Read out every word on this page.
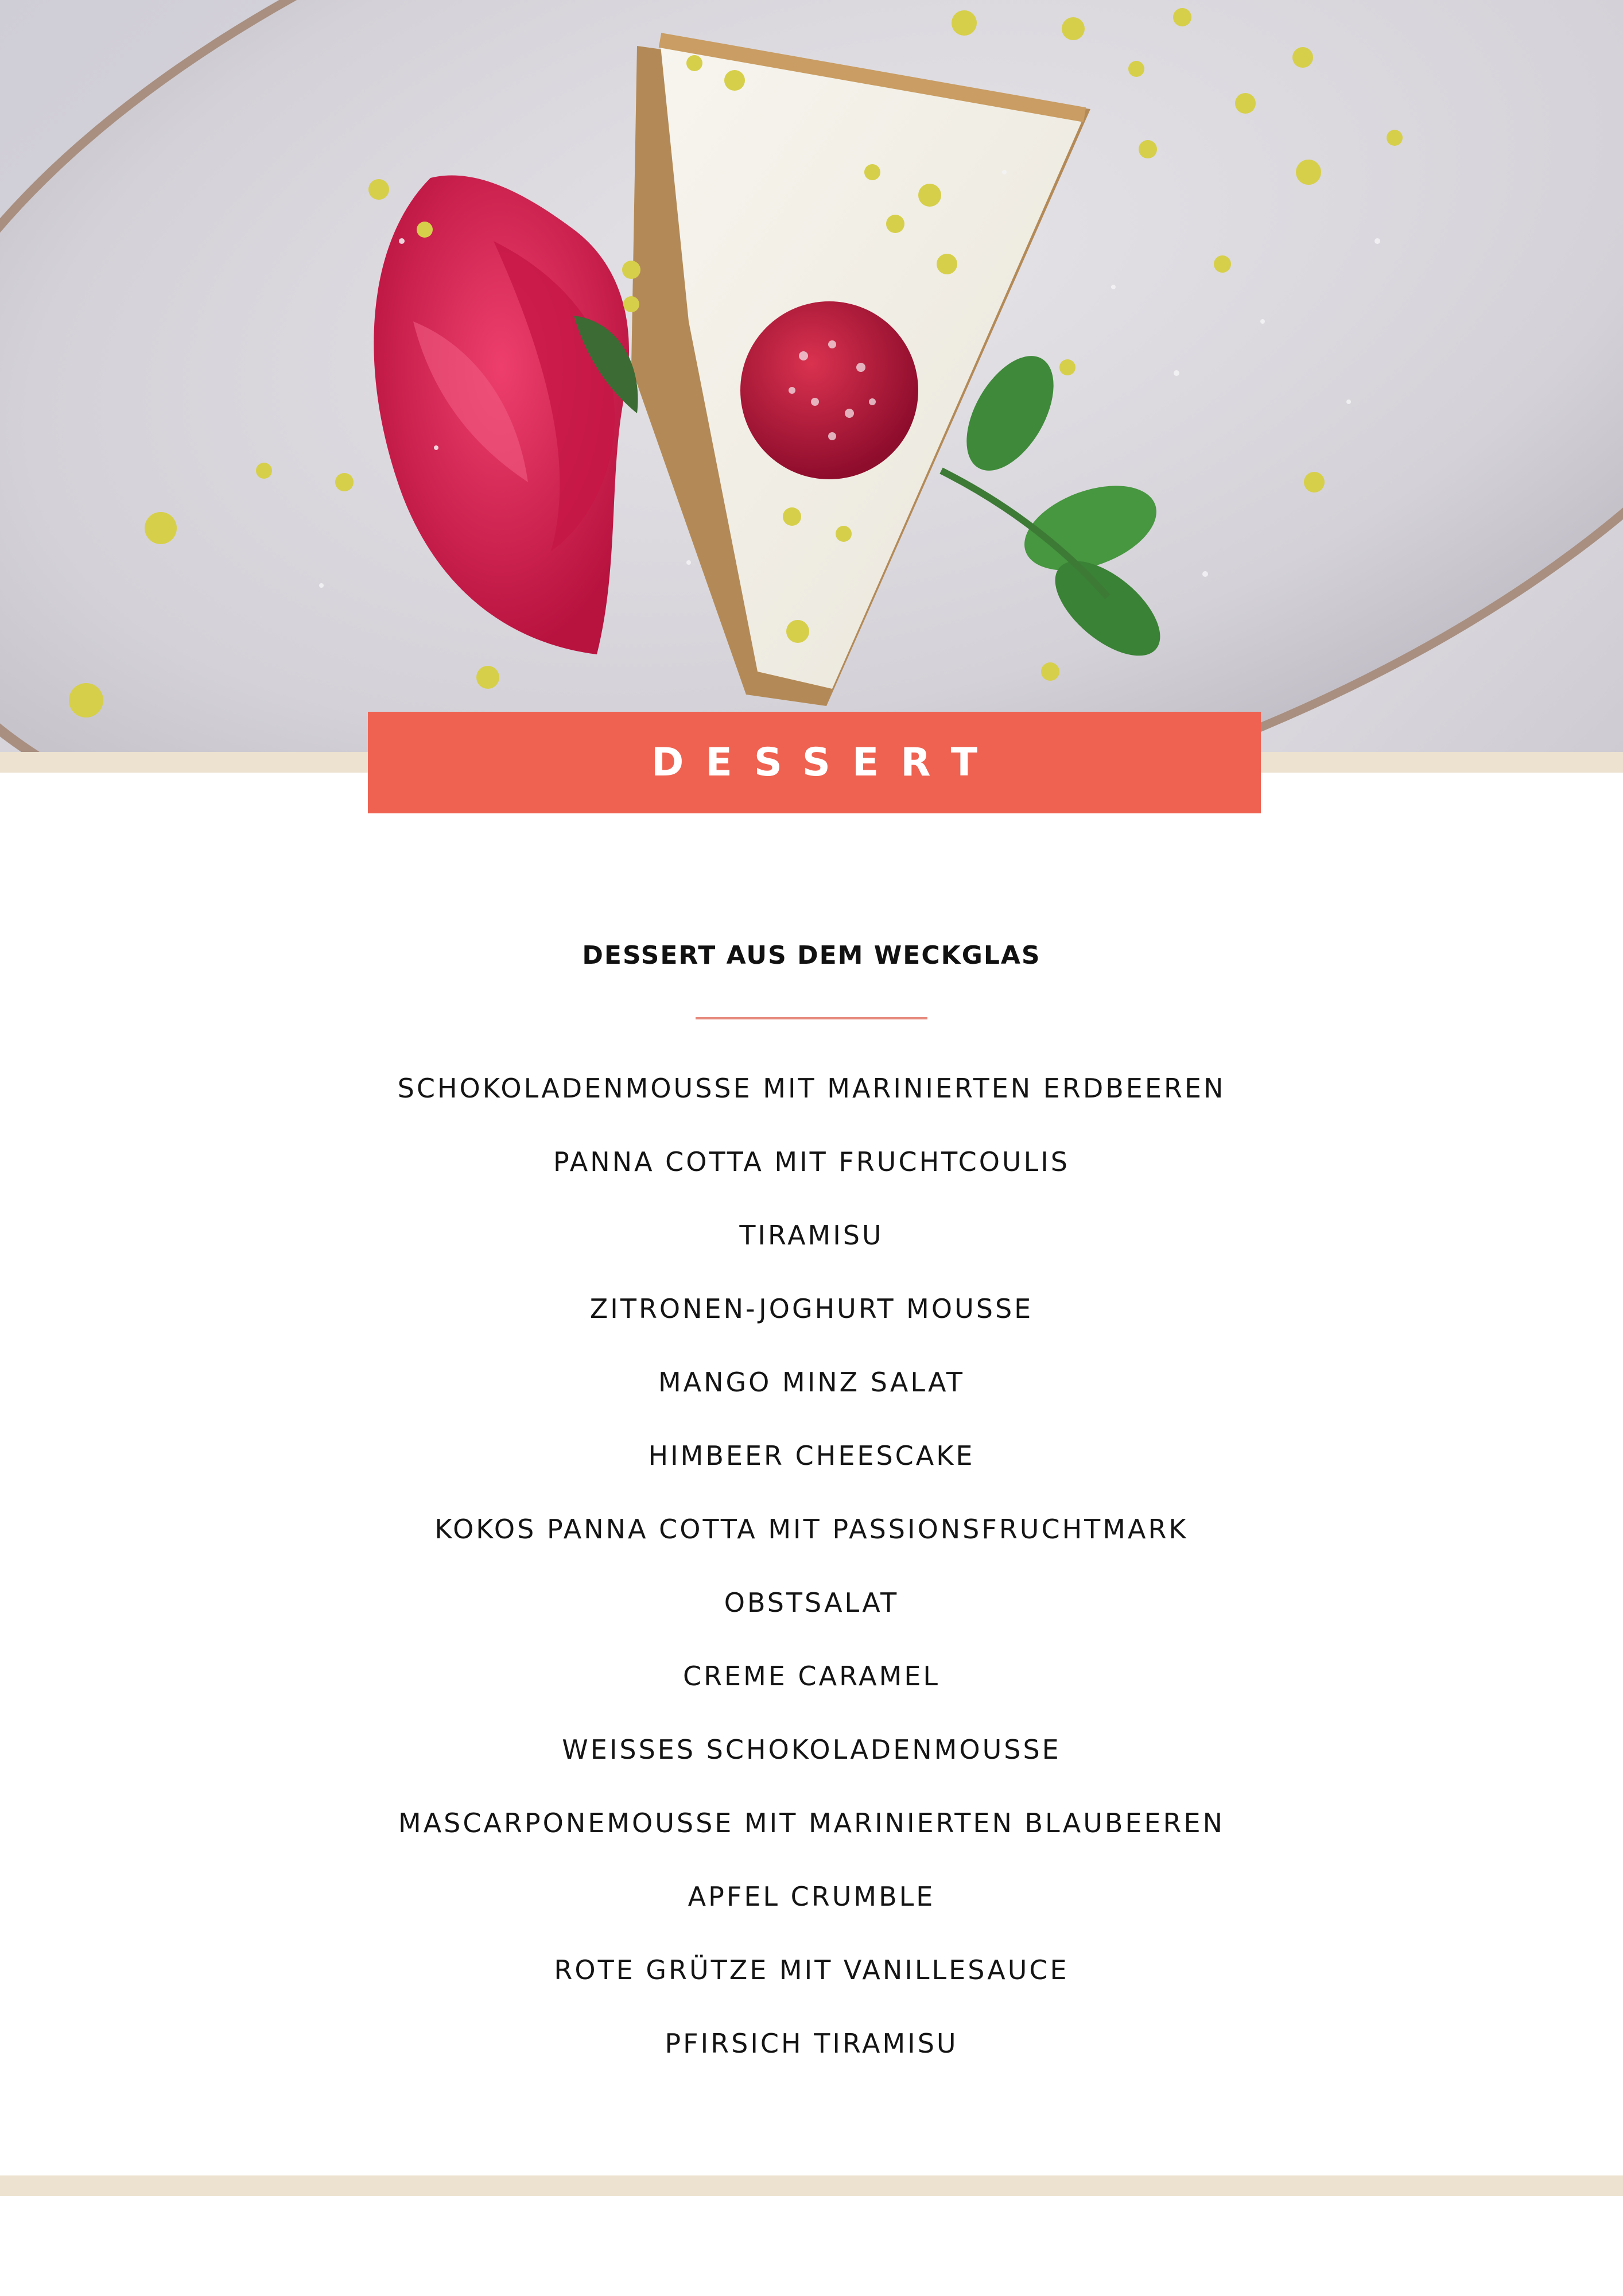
DESSERT
DESSERT AUS DEM WECKGLAS
SCHOKOLADENMOUSSE MIT MARINIERTEN ERDBEEREN
PANNA COTTA MIT FRUCHTCOULIS
TIRAMISU
ZITRONEN-JOGHURT MOUSSE
MANGO MINZ SALAT
HIMBEER CHEESCAKE
KOKOS PANNA COTTA MIT PASSIONSFRUCHTMARK
OBSTSALAT
CREME CARAMEL
WEISSES SCHOKOLADENMOUSSE
MASCARPONEMOUSSE MIT MARINIERTEN BLAUBEEREN
APFEL CRUMBLE
ROTE GRÜTZE MIT VANILLESAUCE
PFIRSICH TIRAMISU
